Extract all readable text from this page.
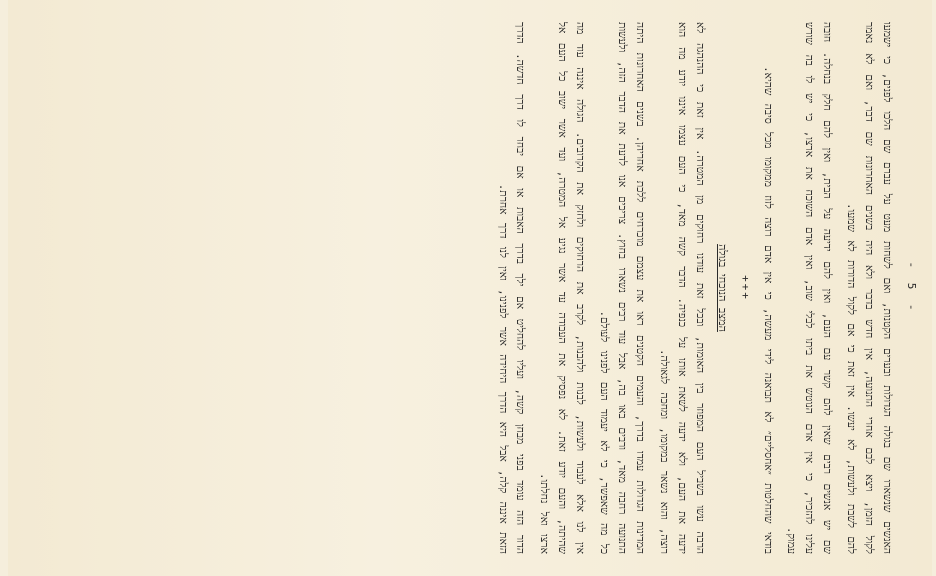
- 5 -

האנשים שנשארו שם בגולה הגדולות ובערים הקטנות, ואם לשחות מעט על עברם שם הלכו לפנים, כי ישמעו לקול הזמן, ויצא לבם אחרי התנועה, אין חדש בדבר ולא היה בשנים האחרונות שם דבר, ואם לא נאמר להם לשבת ולעשות, לא יעשו. אין זאת כי אם לקול הדורות לא שמעו.

שם יש אנשים רבים שאין להם קשר עם העם, ואין להם ידיעה על הבית, ואין להם חלק בנחלה. חובה עלינו להזכיר, כי אין אדם הנוטש את ביתו לבלי שוב, ואין אדם השוכח את ארצו, כי יש לו בה שורש עמוק.

בודאי שהחלטות ״אחסליים״ לא תבואנה לידי מעשה, כי אין אדם רוצה לזוז ממקומו מכל סיבה שהיא.

+++
המצב הנוכחי בגולה

הרבה עשו בשביל העם המפוזר בין האומות, ובכל זאת עודנו רחוקים מן המטרה. אין זאת כי ההנהגה לא ידעה את העם, ולא ידעה לשאת אותו על כנפיה. הדבר קשה מאד, כי העם עצמו איננו יודע מה הוא רוצה, והוא נשאר במקומו, ומחכה לגאולה.

המדינות הגדולות עמדו בדרך, והעמים הקטנים ראו את עצמם מוכרחים ללכת אחריהן. בשנים האחרונות היתה התנועה רחבה מאד, ורבים באו בה, אבל עוד רבים נשארו בחוץ. צריכים אנו לדעת את הדבר הזה, ולעשות כל מה שאפשר, כי לא יעמוד העם לפנינו לעולם.

אין לנו אלא לעבוד ולעשות, לבנות ולהבנות, לקרב את הרחוקים ולחזק את הקרובים. הגולה איננה עוד מה שהיתה, והעם יודע זאת. לא נפסיק את העבודה עד אשר נגיע אל המטרה, ועד אשר ישוב כל העם אל ארצו ואל נחלתו.

הדור הזה עומד בפני מבחן קשה, ועליו להחליט אם ילך בדרך האבות או אם יבחר לו דרך חדשה. הדרך הזאת איננה קלה, אבל היא הדרך היחידה אשר לפנינו, ואין לנו דרך אחרת.
